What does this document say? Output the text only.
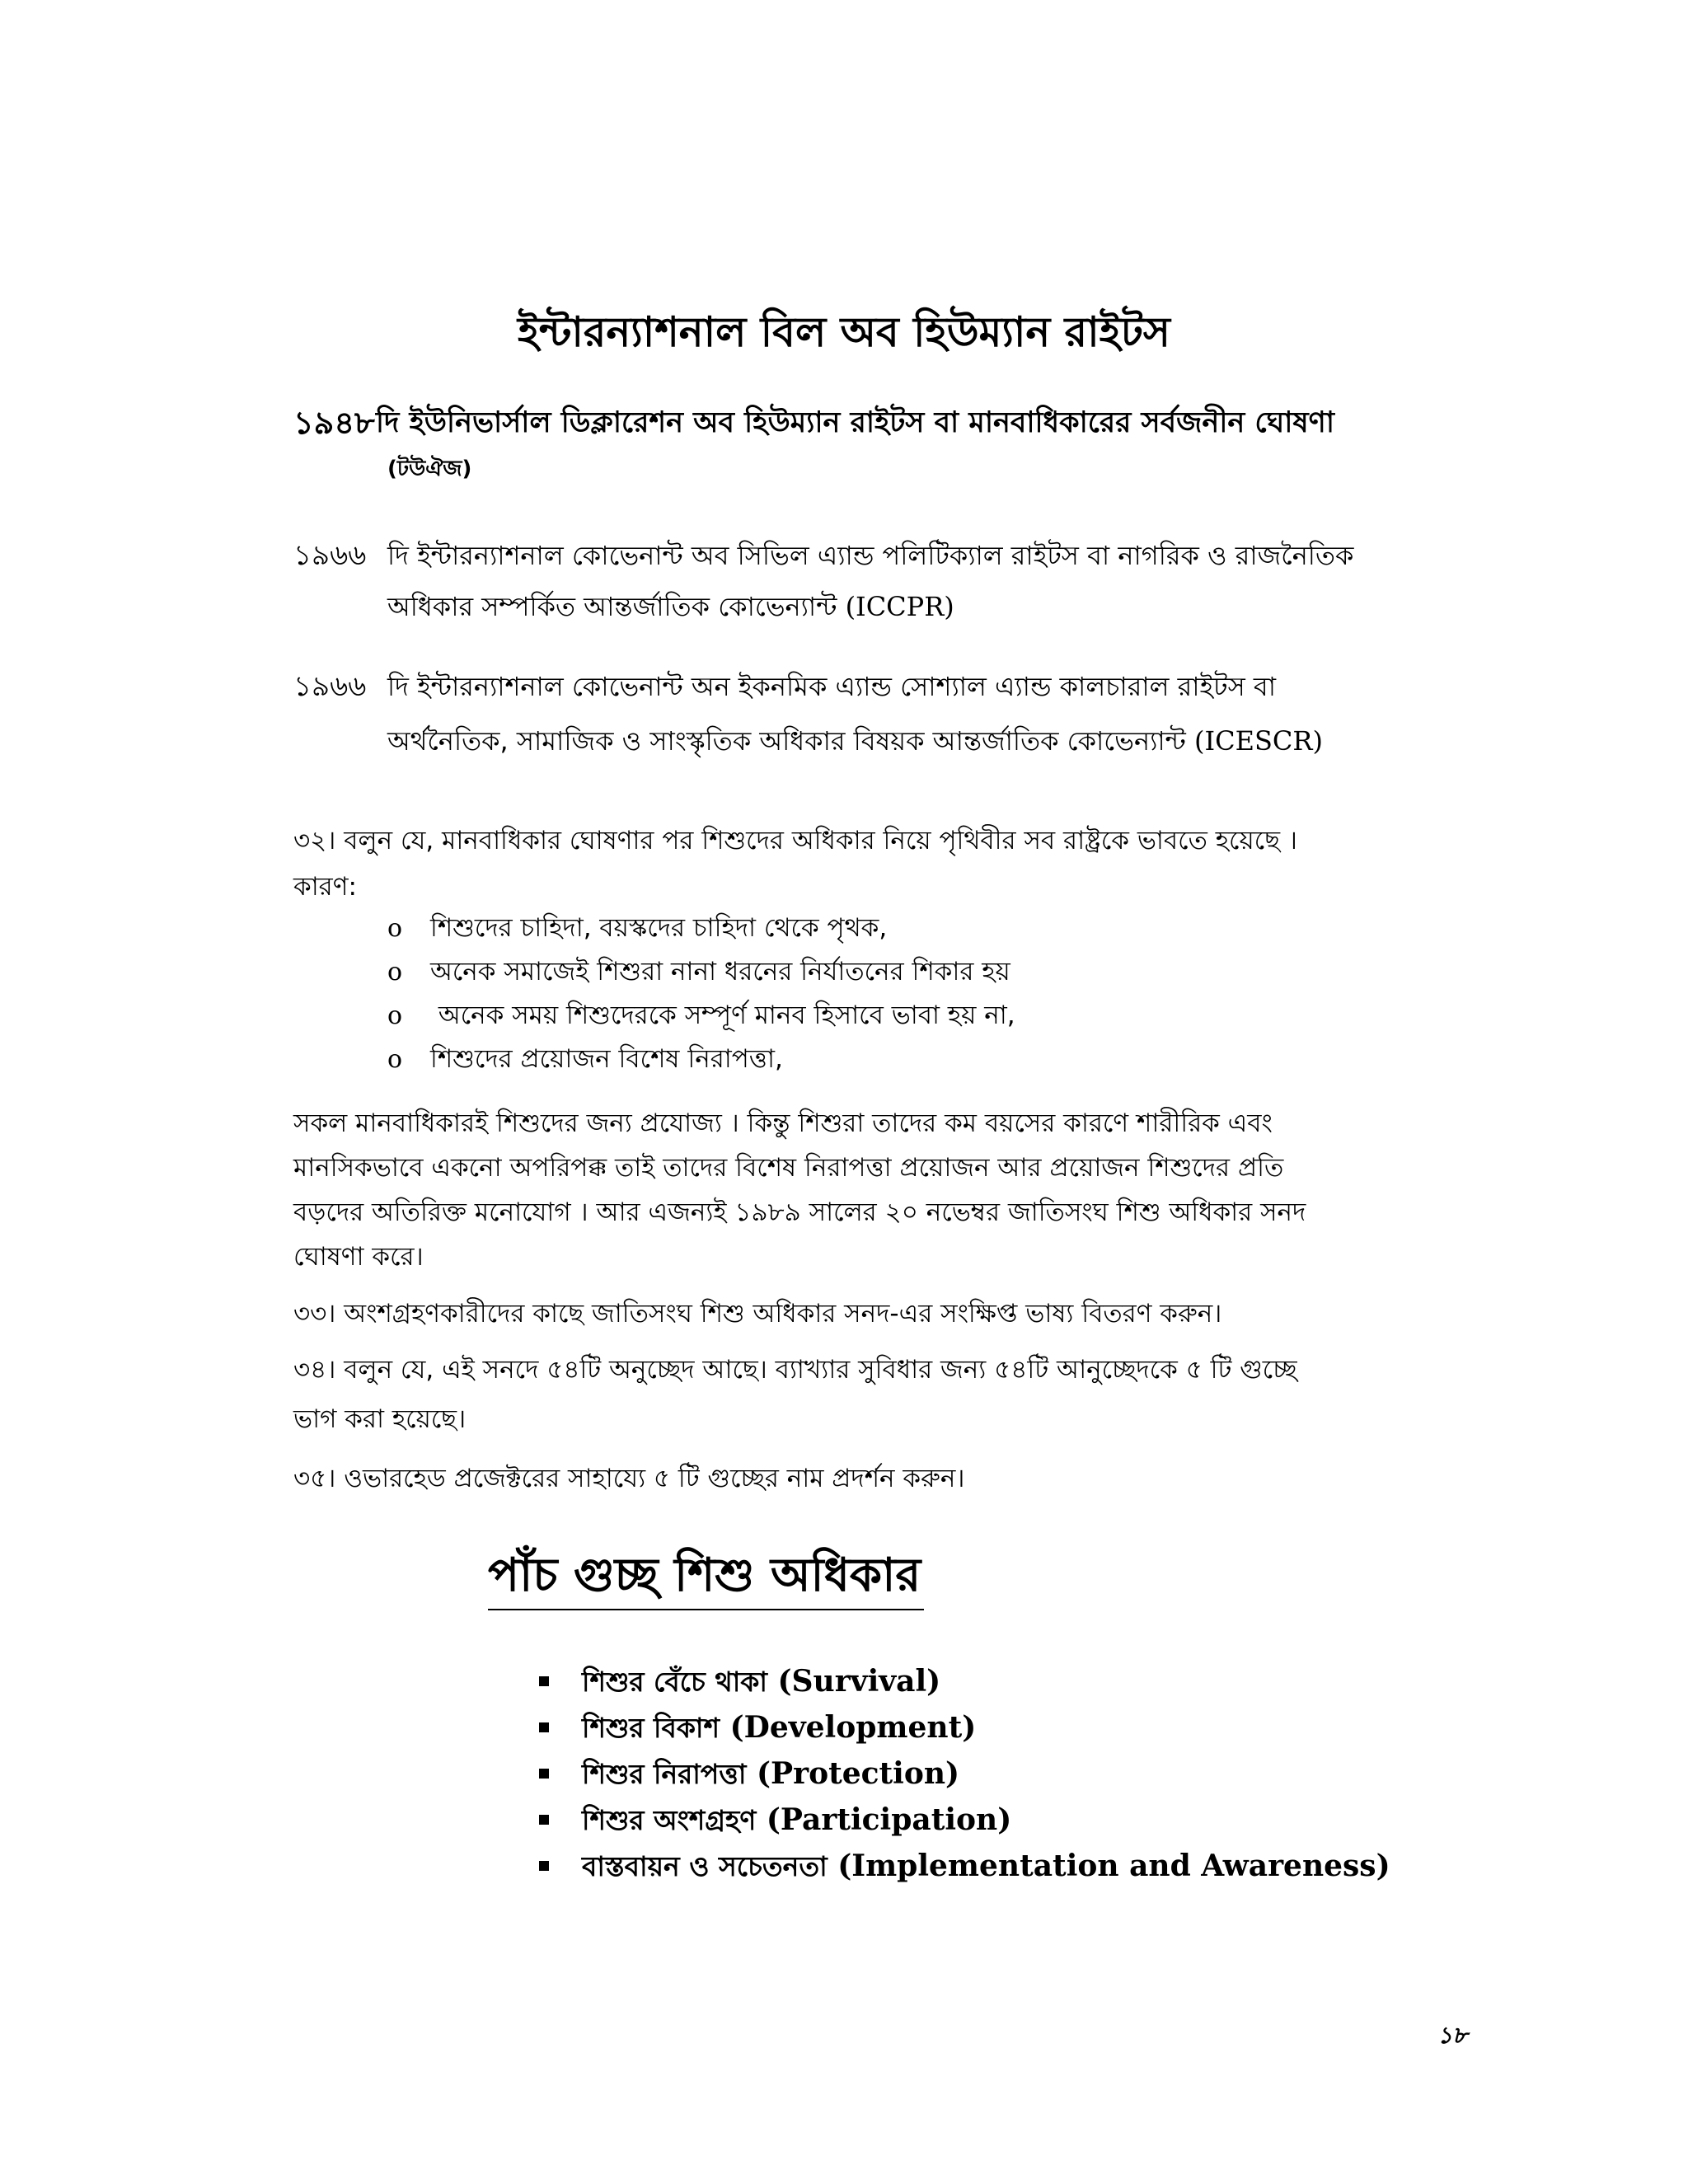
ইন্টারন্যাশনাল বিল অব হিউম্যান রাইটস
১৯৪৮ দি ইউনিভার্সাল ডিক্লারেশন অব হিউম্যান রাইটস বা মানবাধিকারের সর্বজনীন ঘোষণা

(টউঐজ)

১৯৬৬ দি ইন্টারন্যাশনাল কোভেনান্ট অব সিভিল এ্যান্ড পলিটিক্যাল রাইটস বা নাগরিক ও রাজনৈতিক

অধিকার সম্পর্কিত আন্তর্জাতিক কোভেন্যান্ট (ICCPR)

১৯৬৬ দি ইন্টারন্যাশনাল কোভেনান্ট অন ইকনমিক এ্যান্ড সোশ্যাল এ্যান্ড কালচারাল রাইটস বা

অর্থনৈতিক, সামাজিক ও সাংস্কৃতিক অধিকার বিষয়ক আন্তর্জাতিক কোভেন্যান্ট (ICESCR)

৩২। বলুন যে, মানবাধিকার ঘোষণার পর শিশুদের অধিকার নিয়ে পৃথিবীর সব রাষ্ট্রকে ভাবতে হয়েছে ।

কারণ:

o শিশুদের চাহিদা, বয়স্কদের চাহিদা থেকে পৃথক,
o অনেক সমাজেই শিশুরা নানা ধরনের নির্যাতনের শিকার হয়
o অনেক সময় শিশুদেরকে সম্পূর্ণ মানব হিসাবে ভাবা হয় না,
o শিশুদের প্রয়োজন বিশেষ নিরাপত্তা,

সকল মানবাধিকারই শিশুদের জন্য প্রযোজ্য । কিন্তু শিশুরা তাদের কম বয়সের কারণে শারীরিক এবং

মানসিকভাবে একনো অপরিপক্ক তাই তাদের বিশেষ নিরাপত্তা প্রয়োজন আর প্রয়োজন শিশুদের প্রতি

বড়দের অতিরিক্ত মনোযোগ । আর এজন্যই ১৯৮৯ সালের ২০ নভেম্বর জাতিসংঘ শিশু অধিকার সনদ

ঘোষণা করে।

৩৩। অংশগ্রহণকারীদের কাছে জাতিসংঘ শিশু অধিকার সনদ-এর সংক্ষিপ্ত ভাষ্য বিতরণ করুন।

৩৪। বলুন যে, এই সনদে ৫৪টি অনুচ্ছেদ আছে। ব্যাখ্যার সুবিধার জন্য ৫৪টি আনুচ্ছেদকে ৫ টি গুচ্ছে

ভাগ করা হয়েছে।

৩৫। ওভারহেড প্রজেক্টরের সাহায্যে ৫ টি গুচ্ছের নাম প্রদর্শন করুন।

পাঁচ গুচ্ছ শিশু অধিকার
শিশুর বেঁচে থাকা (Survival)
শিশুর বিকাশ (Development)
শিশুর নিরাপত্তা (Protection)
শিশুর অংশগ্রহণ (Participation)
বাস্তবায়ন ও সচেতনতা (Implementation and Awareness)

১৮
